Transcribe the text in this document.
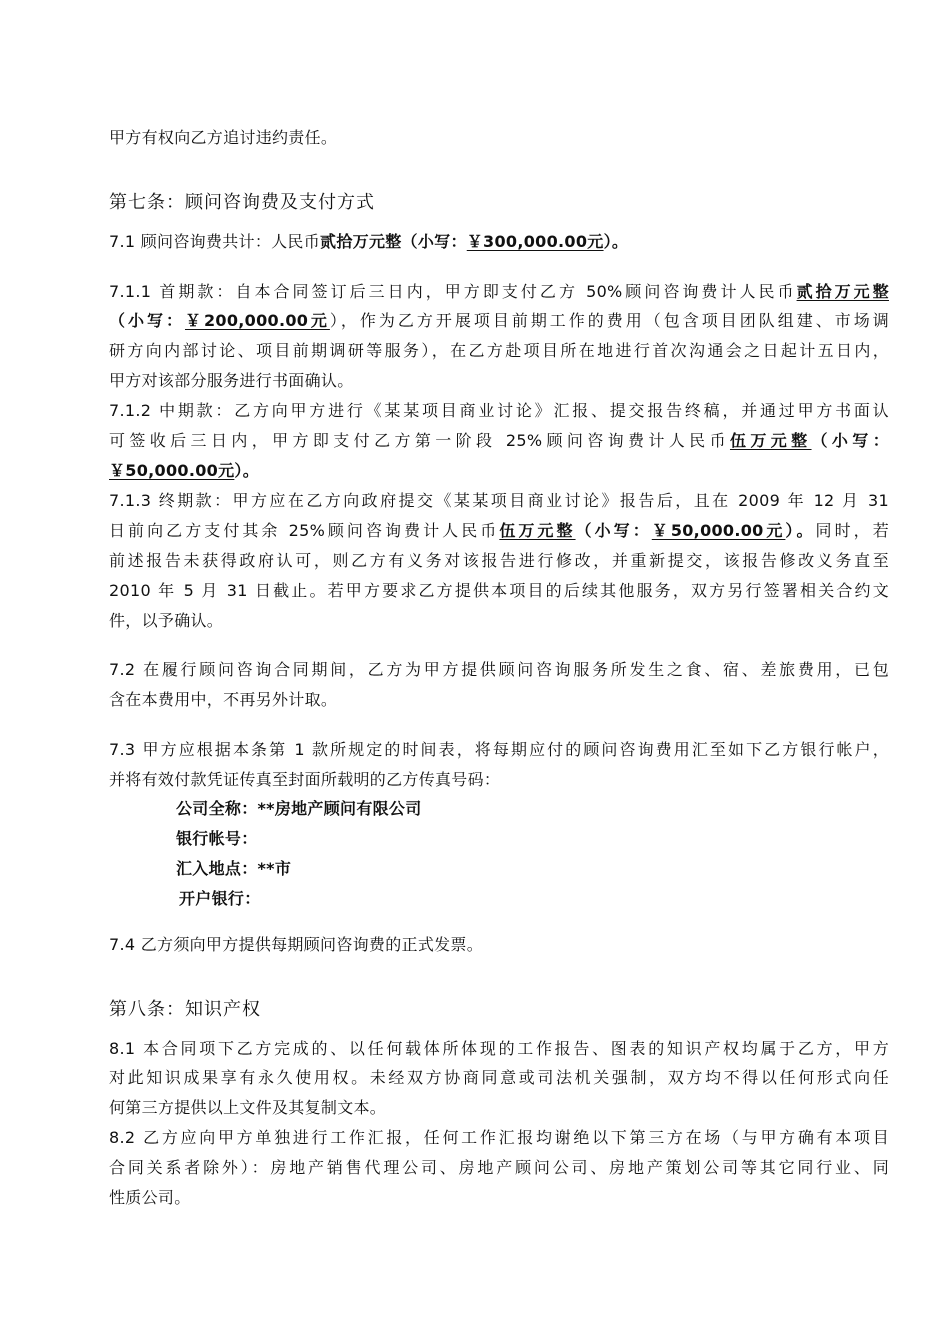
甲方有权向乙方追讨违约责任。
第七条：顾问咨询费及支付方式
7.1 顾问咨询费共计：人民币贰拾万元整（小写：￥300,000.00元）。
7.1.1 首期款：自本合同签订后三日内，甲方即支付乙方 50%顾问咨询费计人民币贰拾万元整
（小写：￥200,000.00元），作为乙方开展项目前期工作的费用（包含项目团队组建、市场调
研方向内部讨论、项目前期调研等服务），在乙方赴项目所在地进行首次沟通会之日起计五日内，
甲方对该部分服务进行书面确认。
7.1.2 中期款：乙方向甲方进行《某某项目商业讨论》汇报、提交报告终稿，并通过甲方书面认
可签收后三日内，甲方即支付乙方第一阶段 25%顾问咨询费计人民币伍万元整（小写：
￥50,000.00元）。
7.1.3 终期款：甲方应在乙方向政府提交《某某项目商业讨论》报告后，且在 2009 年 12 月 31
日前向乙方支付其余 25%顾问咨询费计人民币伍万元整（小写：￥50,000.00元）。同时，若
前述报告未获得政府认可，则乙方有义务对该报告进行修改，并重新提交，该报告修改义务直至
2010 年 5 月 31 日截止。若甲方要求乙方提供本项目的后续其他服务，双方另行签署相关合约文
件，以予确认。
7.2 在履行顾问咨询合同期间，乙方为甲方提供顾问咨询服务所发生之食、宿、差旅费用，已包
含在本费用中，不再另外计取。
7.3 甲方应根据本条第 1 款所规定的时间表，将每期应付的顾问咨询费用汇至如下乙方银行帐户，
并将有效付款凭证传真至封面所载明的乙方传真号码：
公司全称：**房地产顾问有限公司
银行帐号：
汇入地点：**市
开户银行：
7.4 乙方须向甲方提供每期顾问咨询费的正式发票。
第八条：知识产权
8.1 本合同项下乙方完成的、以任何载体所体现的工作报告、图表的知识产权均属于乙方，甲方
对此知识成果享有永久使用权。未经双方协商同意或司法机关强制，双方均不得以任何形式向任
何第三方提供以上文件及其复制文本。
8.2 乙方应向甲方单独进行工作汇报，任何工作汇报均谢绝以下第三方在场（与甲方确有本项目
合同关系者除外）：房地产销售代理公司、房地产顾问公司、房地产策划公司等其它同行业、同
性质公司。
